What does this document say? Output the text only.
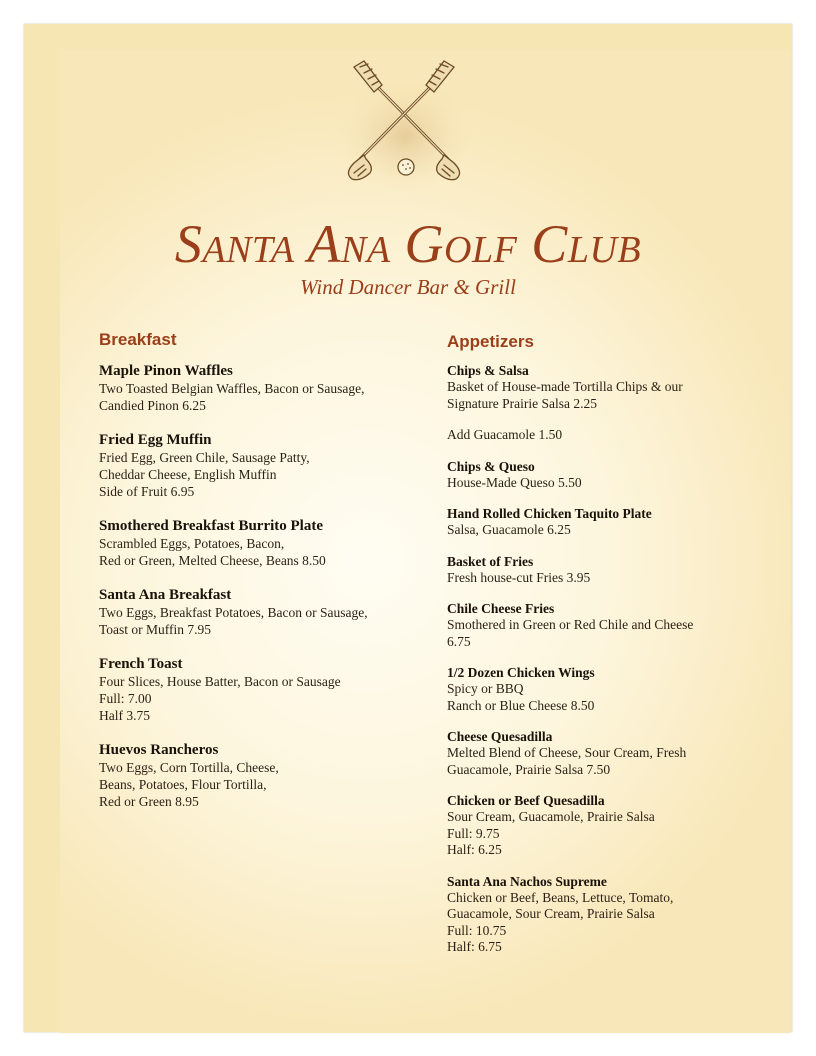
Santa Ana Golf Club
Wind Dancer Bar & Grill
Breakfast
Maple Pinon Waffles
Two Toasted Belgian Waffles, Bacon or Sausage,
Candied Pinon 6.25
Fried Egg Muffin
Fried Egg, Green Chile, Sausage Patty,
Cheddar Cheese, English Muffin
Side of Fruit 6.95
Smothered Breakfast Burrito Plate
Scrambled Eggs, Potatoes, Bacon,
Red or Green, Melted Cheese, Beans 8.50
Santa Ana Breakfast
Two Eggs, Breakfast Potatoes, Bacon or Sausage,
Toast or Muffin 7.95
French Toast
Four Slices, House Batter, Bacon or Sausage
Full: 7.00
Half 3.75
Huevos Rancheros
Two Eggs, Corn Tortilla, Cheese,
Beans, Potatoes, Flour Tortilla,
Red or Green 8.95
Appetizers
Chips & Salsa
Basket of House-made Tortilla Chips & our
Signature Prairie Salsa 2.25
Add Guacamole 1.50
Chips & Queso
House-Made Queso 5.50
Hand Rolled Chicken Taquito Plate
Salsa, Guacamole 6.25
Basket of Fries
Fresh house-cut Fries 3.95
Chile Cheese Fries
Smothered in Green or Red Chile and Cheese
6.75
1/2 Dozen Chicken Wings
Spicy or BBQ
Ranch or Blue Cheese 8.50
Cheese Quesadilla
Melted Blend of Cheese, Sour Cream, Fresh
Guacamole, Prairie Salsa 7.50
Chicken or Beef Quesadilla
Sour Cream, Guacamole, Prairie Salsa
Full: 9.75
Half: 6.25
Santa Ana Nachos Supreme
Chicken or Beef, Beans, Lettuce, Tomato,
Guacamole, Sour Cream, Prairie Salsa
Full: 10.75
Half: 6.75
